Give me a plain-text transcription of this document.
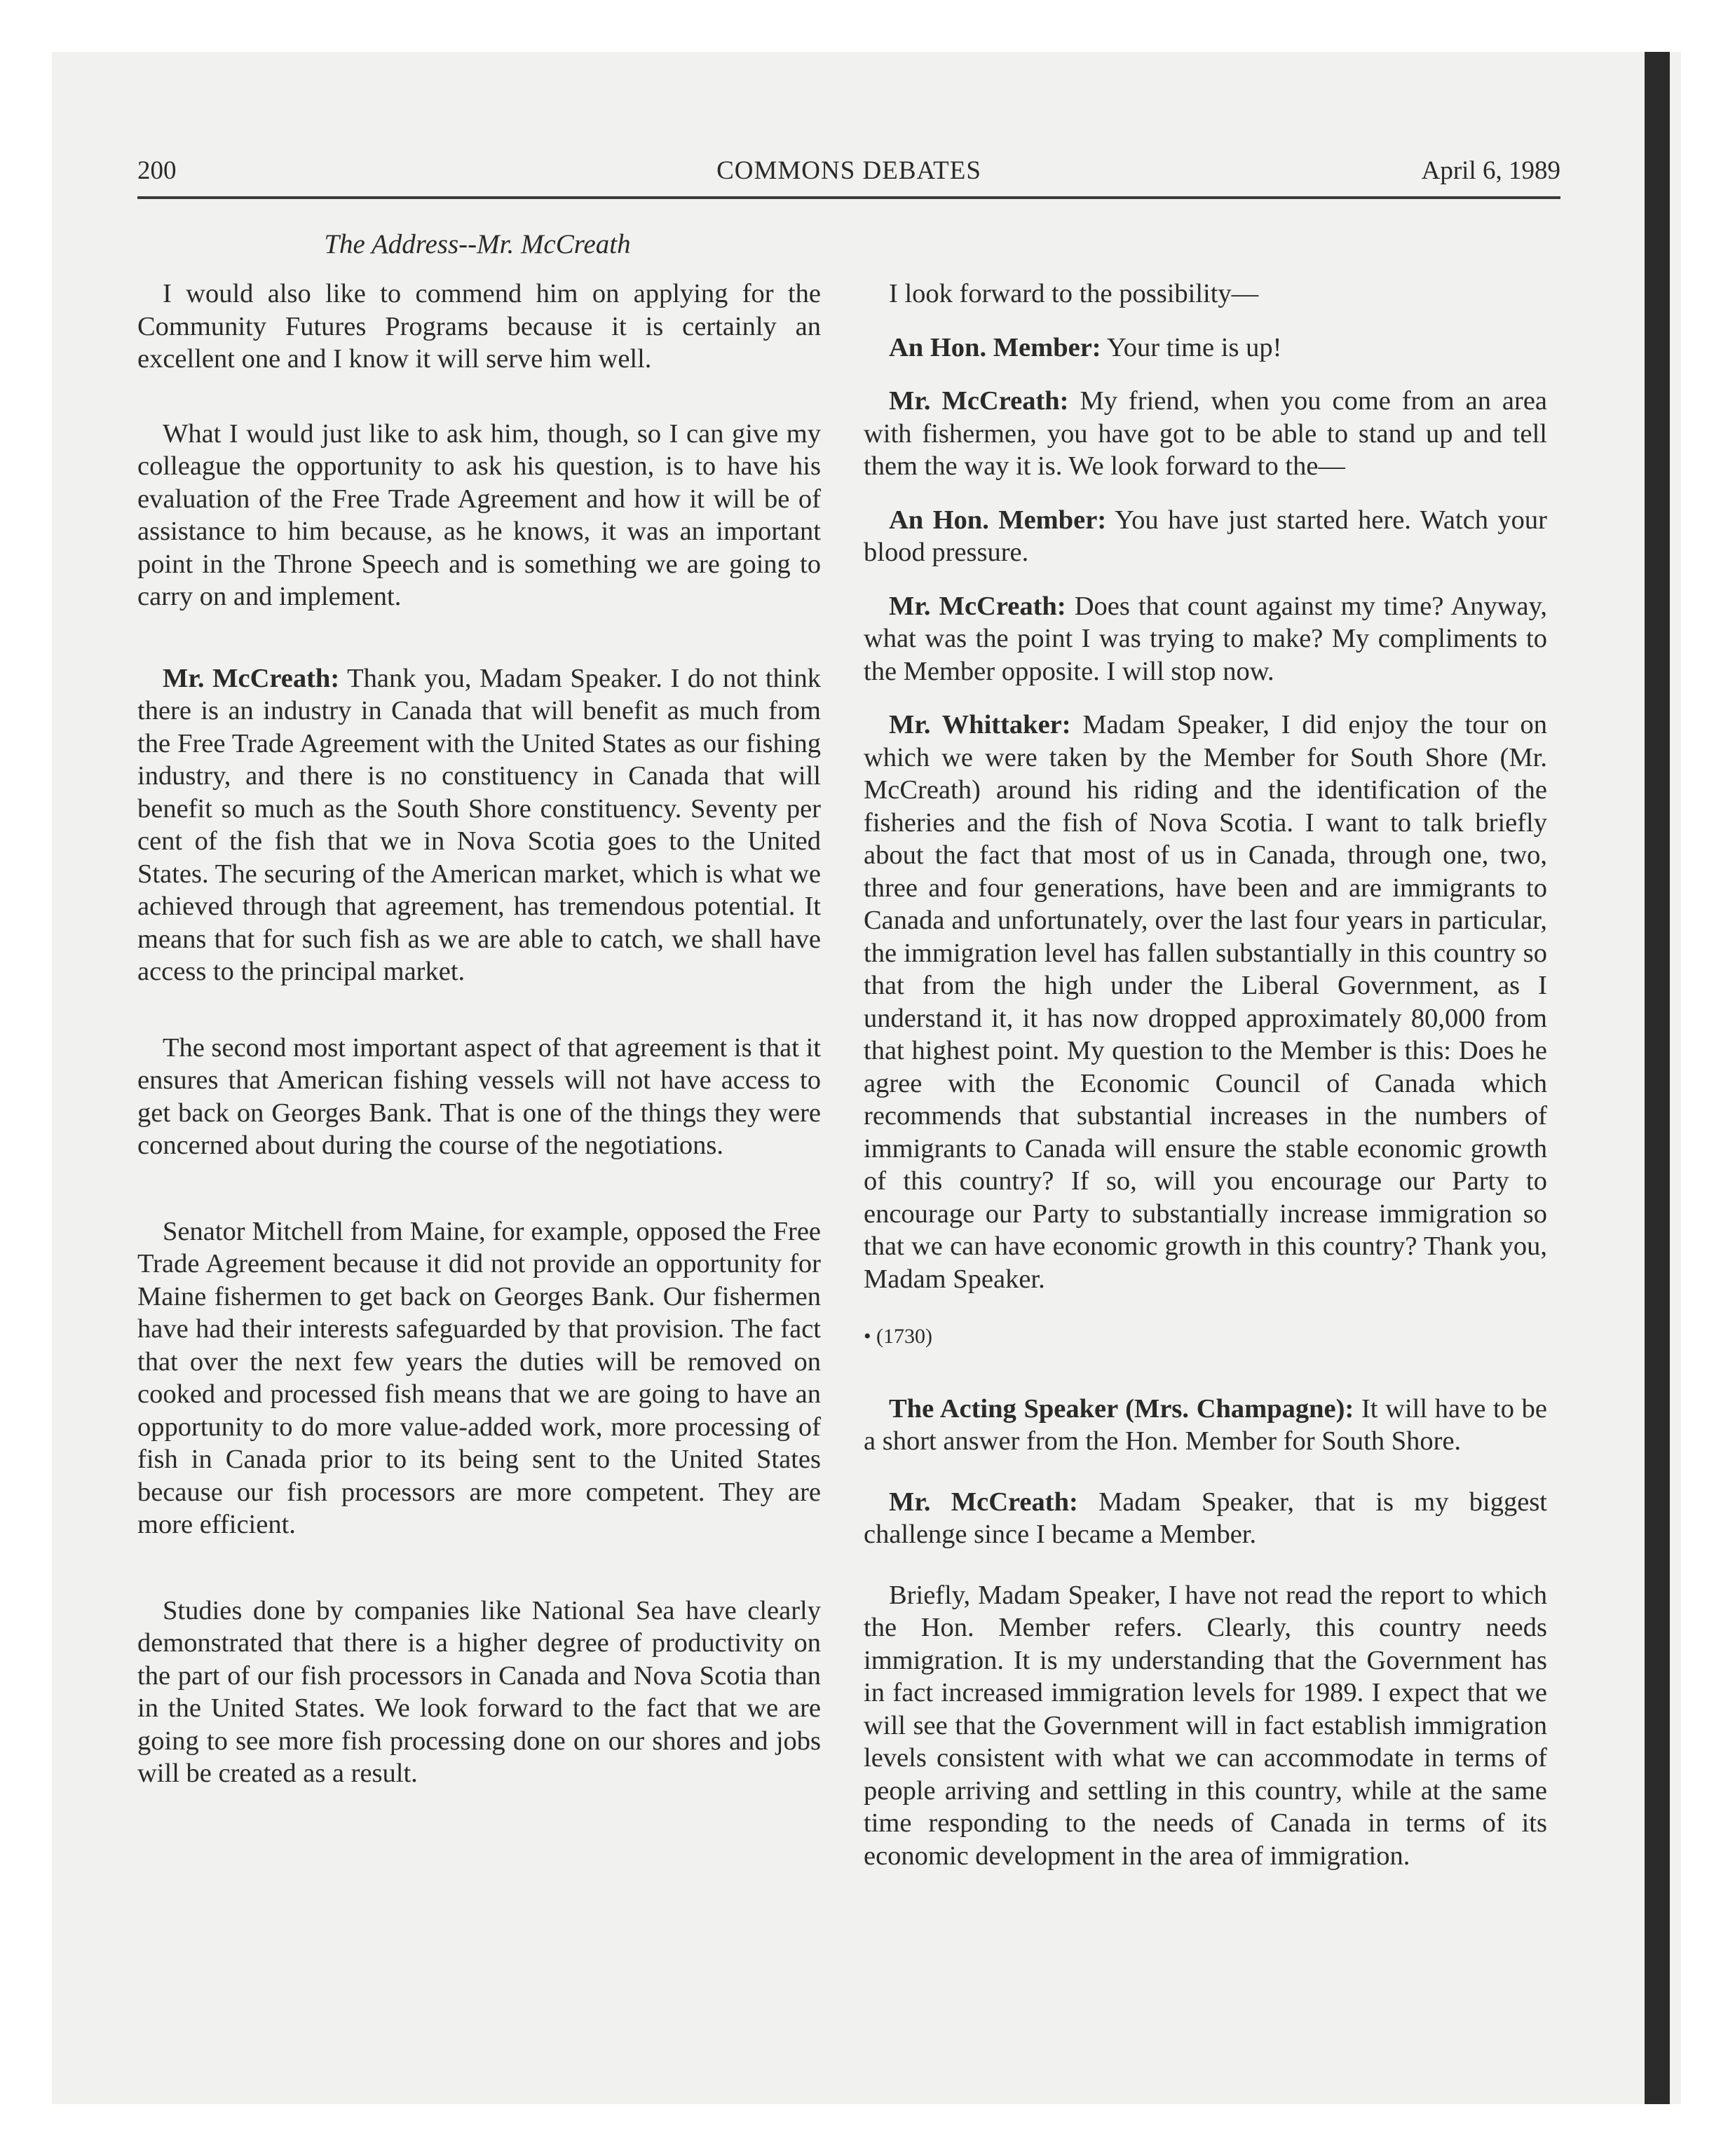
200	COMMONS DEBATES	April 6, 1989
The Address--Mr. McCreath

I would also like to commend him on applying for the Community Futures Programs because it is certainly an excellent one and I know it will serve him well.

What I would just like to ask him, though, so I can give my colleague the opportunity to ask his question, is to have his evaluation of the Free Trade Agreement and how it will be of assistance to him because, as he knows, it was an important point in the Throne Speech and is something we are going to carry on and implement.

Mr. McCreath: Thank you, Madam Speaker. I do not think there is an industry in Canada that will benefit as much from the Free Trade Agreement with the United States as our fishing industry, and there is no constituency in Canada that will benefit so much as the South Shore constituency. Seventy per cent of the fish that we in Nova Scotia goes to the United States. The securing of the American market, which is what we achieved through that agreement, has tremendous potential. It means that for such fish as we are able to catch, we shall have access to the principal market.

The second most important aspect of that agreement is that it ensures that American fishing vessels will not have access to get back on Georges Bank. That is one of the things they were concerned about during the course of the negotiations.

Senator Mitchell from Maine, for example, opposed the Free Trade Agreement because it did not provide an opportunity for Maine fishermen to get back on Georges Bank. Our fishermen have had their interests safeguarded by that provision. The fact that over the next few years the duties will be removed on cooked and processed fish means that we are going to have an opportunity to do more value-added work, more processing of fish in Canada prior to its being sent to the United States because our fish processors are more competent. They are more efficient.

Studies done by companies like National Sea have clearly demonstrated that there is a higher degree of productivity on the part of our fish processors in Canada and Nova Scotia than in the United States. We look forward to the fact that we are going to see more fish processing done on our shores and jobs will be created as a result.

I look forward to the possibility—

An Hon. Member: Your time is up!

Mr. McCreath: My friend, when you come from an area with fishermen, you have got to be able to stand up and tell them the way it is. We look forward to the—

An Hon. Member: You have just started here. Watch your blood pressure.

Mr. McCreath: Does that count against my time? Anyway, what was the point I was trying to make? My compliments to the Member opposite. I will stop now.

Mr. Whittaker: Madam Speaker, I did enjoy the tour on which we were taken by the Member for South Shore (Mr. McCreath) around his riding and the identification of the fisheries and the fish of Nova Scotia. I want to talk briefly about the fact that most of us in Canada, through one, two, three and four generations, have been and are immigrants to Canada and unfortunately, over the last four years in particular, the immigration level has fallen substantially in this country so that from the high under the Liberal Government, as I understand it, it has now dropped approximately 80,000 from that highest point. My question to the Member is this: Does he agree with the Economic Council of Canada which recommends that substantial increases in the numbers of immigrants to Canada will ensure the stable economic growth of this country? If so, will you encourage our Party to encourage our Party to substantially increase immigration so that we can have economic growth in this country? Thank you, Madam Speaker.

• (1730)

The Acting Speaker (Mrs. Champagne): It will have to be a short answer from the Hon. Member for South Shore.

Mr. McCreath: Madam Speaker, that is my biggest challenge since I became a Member.

Briefly, Madam Speaker, I have not read the report to which the Hon. Member refers. Clearly, this country needs immigration. It is my understanding that the Government has in fact increased immigration levels for 1989. I expect that we will see that the Government will in fact establish immigration levels consistent with what we can accommodate in terms of people arriving and settling in this country, while at the same time responding to the needs of Canada in terms of its economic development in the area of immigration.
